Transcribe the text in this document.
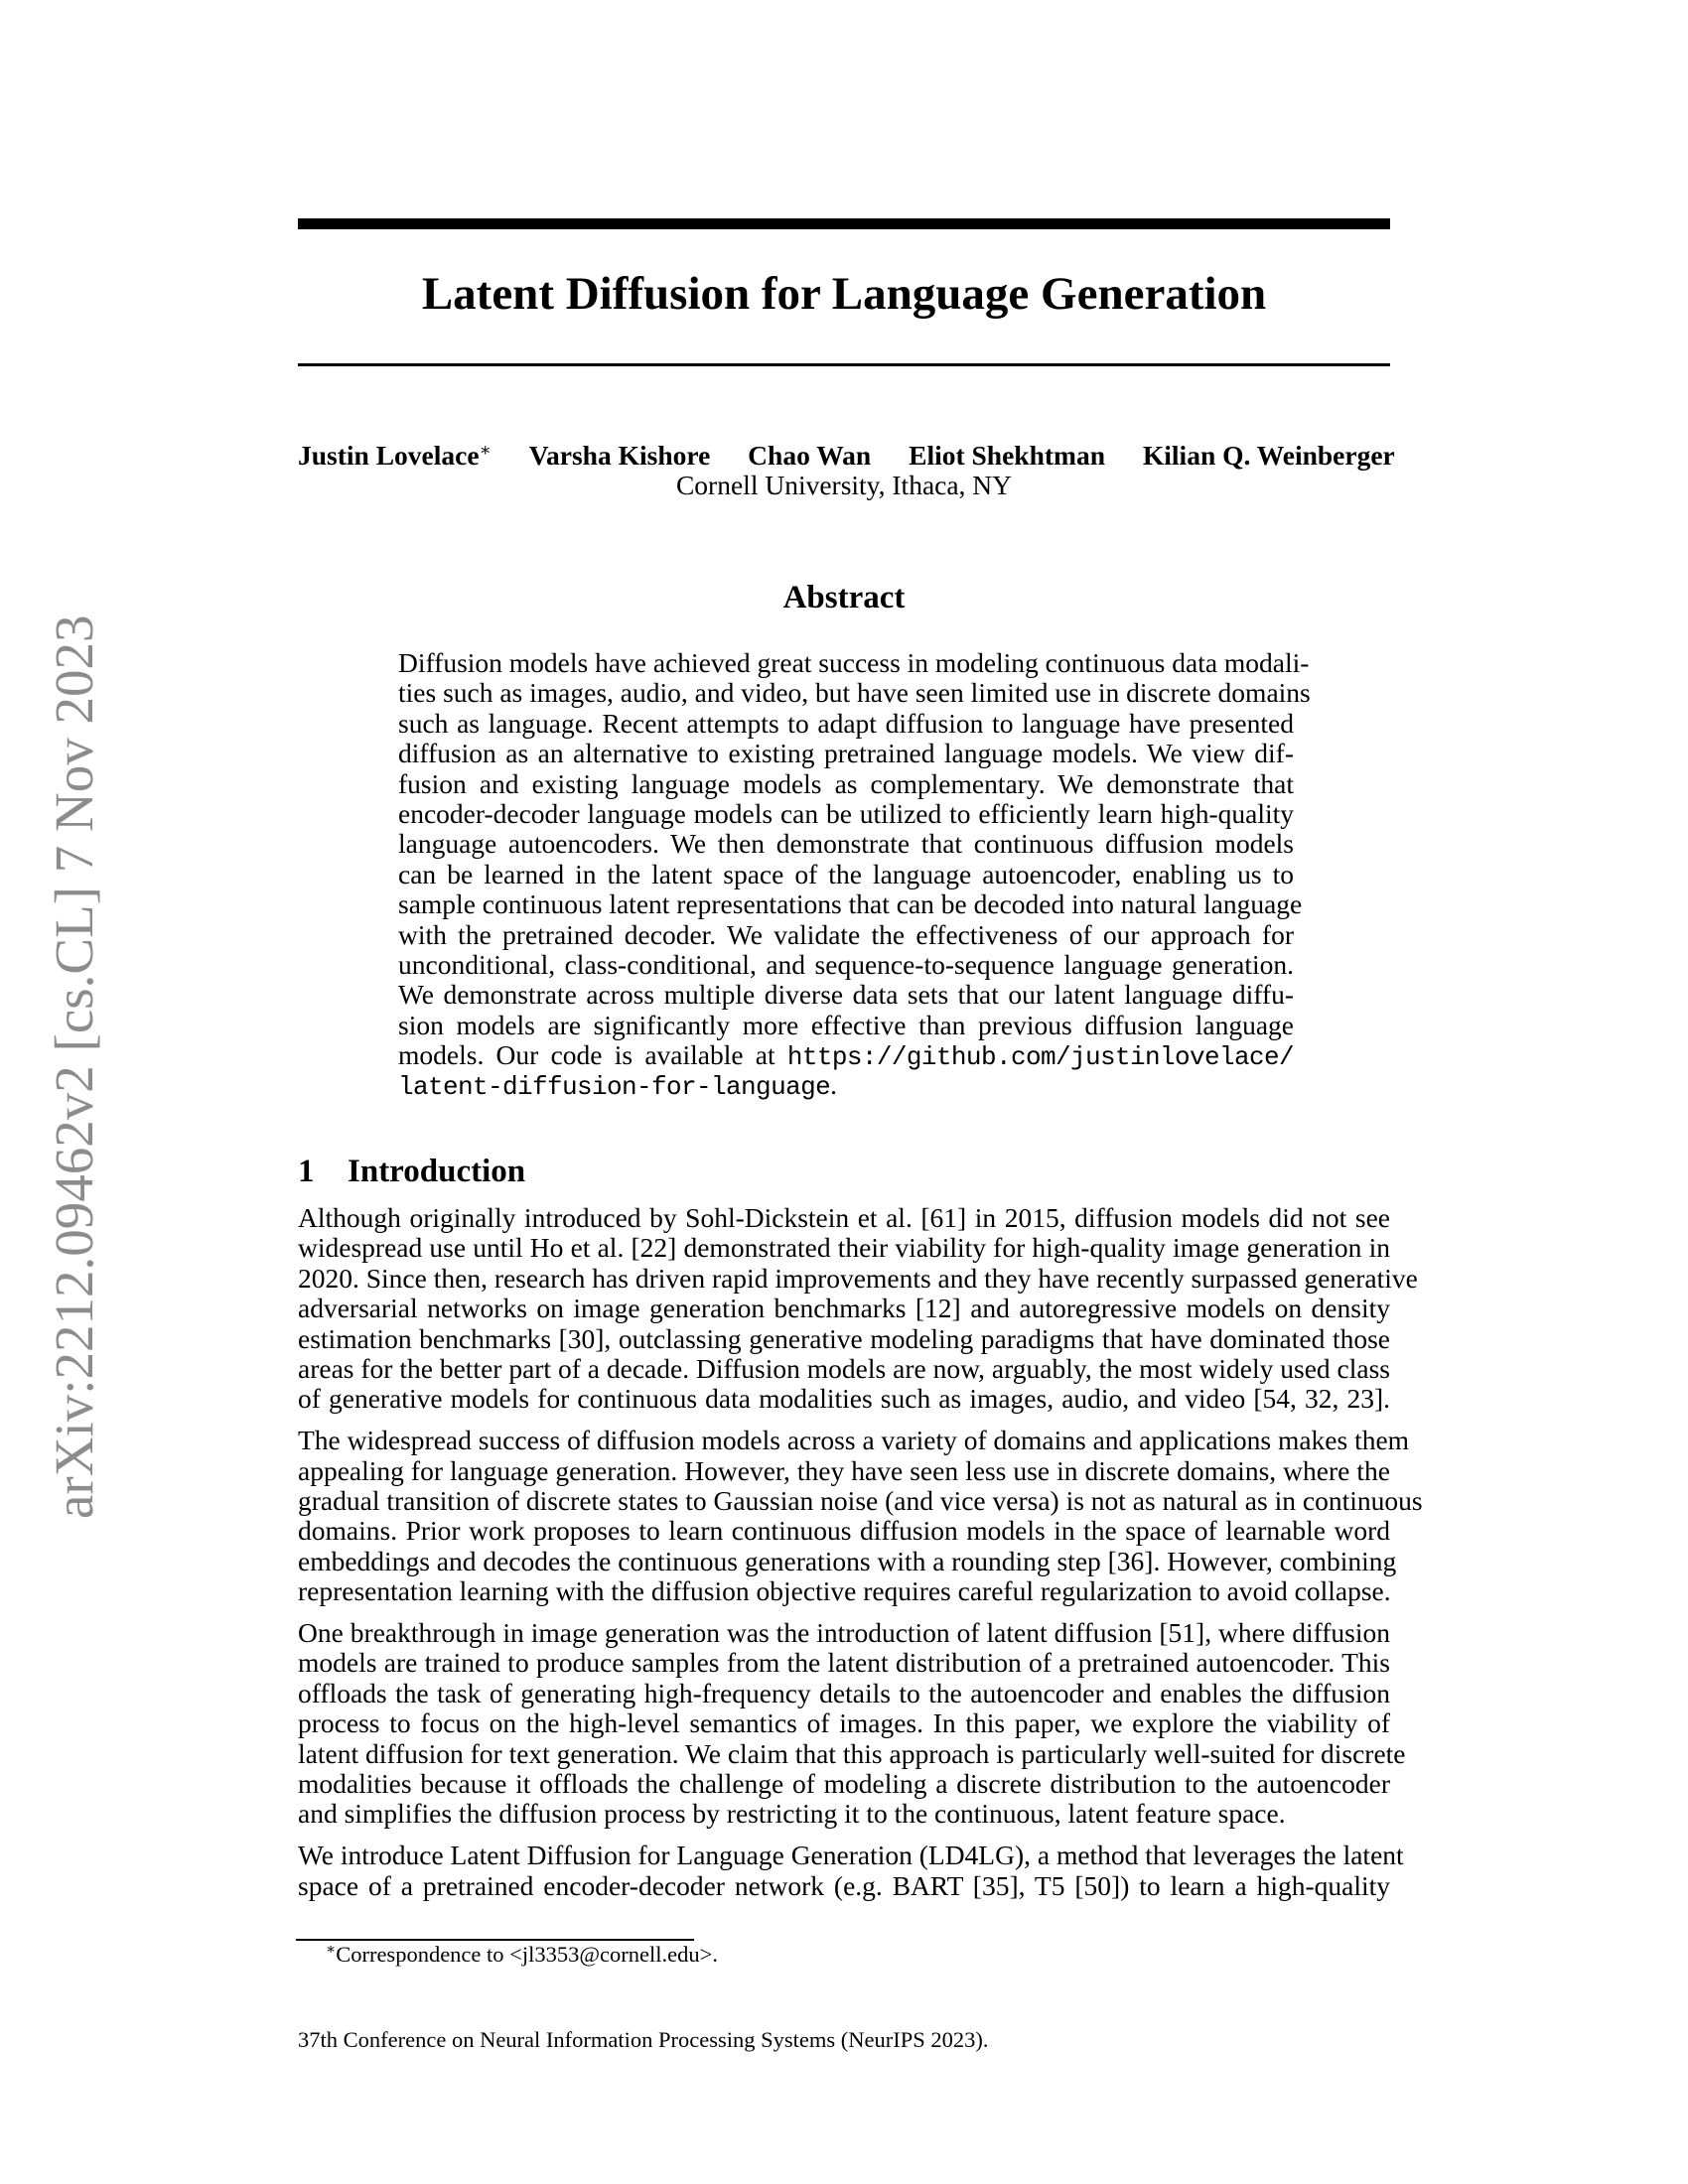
arXiv:2212.09462v2 [cs.CL] 7 Nov 2023
Latent Diffusion for Language Generation
Justin Lovelace∗ Varsha Kishore Chao Wan Eliot Shekhtman Kilian Q. Weinberger
Cornell University, Ithaca, NY
Abstract
Diffusion models have achieved great success in modeling continuous data modali-
ties such as images, audio, and video, but have seen limited use in discrete domains
such as language. Recent attempts to adapt diffusion to language have presented
diffusion as an alternative to existing pretrained language models. We view dif-
fusion and existing language models as complementary. We demonstrate that
encoder-decoder language models can be utilized to efficiently learn high-quality
language autoencoders. We then demonstrate that continuous diffusion models
can be learned in the latent space of the language autoencoder, enabling us to
sample continuous latent representations that can be decoded into natural language
with the pretrained decoder. We validate the effectiveness of our approach for
unconditional, class-conditional, and sequence-to-sequence language generation.
We demonstrate across multiple diverse data sets that our latent language diffu-
sion models are significantly more effective than previous diffusion language
models. Our code is available at https://github.com/justinlovelace/
latent-diffusion-for-language.
1 Introduction
Although originally introduced by Sohl-Dickstein et al. [61] in 2015, diffusion models did not see
widespread use until Ho et al. [22] demonstrated their viability for high-quality image generation in
2020. Since then, research has driven rapid improvements and they have recently surpassed generative
adversarial networks on image generation benchmarks [12] and autoregressive models on density
estimation benchmarks [30], outclassing generative modeling paradigms that have dominated those
areas for the better part of a decade. Diffusion models are now, arguably, the most widely used class
of generative models for continuous data modalities such as images, audio, and video [54, 32, 23].
The widespread success of diffusion models across a variety of domains and applications makes them
appealing for language generation. However, they have seen less use in discrete domains, where the
gradual transition of discrete states to Gaussian noise (and vice versa) is not as natural as in continuous
domains. Prior work proposes to learn continuous diffusion models in the space of learnable word
embeddings and decodes the continuous generations with a rounding step [36]. However, combining
representation learning with the diffusion objective requires careful regularization to avoid collapse.
One breakthrough in image generation was the introduction of latent diffusion [51], where diffusion
models are trained to produce samples from the latent distribution of a pretrained autoencoder. This
offloads the task of generating high-frequency details to the autoencoder and enables the diffusion
process to focus on the high-level semantics of images. In this paper, we explore the viability of
latent diffusion for text generation. We claim that this approach is particularly well-suited for discrete
modalities because it offloads the challenge of modeling a discrete distribution to the autoencoder
and simplifies the diffusion process by restricting it to the continuous, latent feature space.
We introduce Latent Diffusion for Language Generation (LD4LG), a method that leverages the latent
space of a pretrained encoder-decoder network (e.g. BART [35], T5 [50]) to learn a high-quality
∗Correspondence to <jl3353@cornell.edu>.
37th Conference on Neural Information Processing Systems (NeurIPS 2023).
